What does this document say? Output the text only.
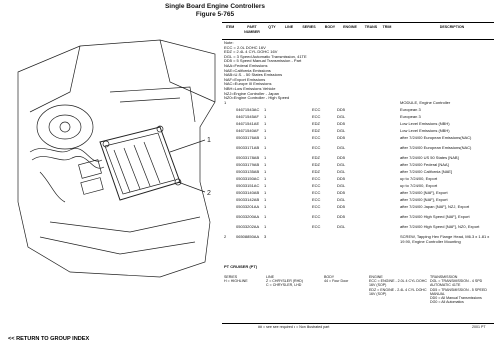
Single Board Engine Controllers
Figure 5-765
1
2
ITEM	PART NUMBER
QTY	LINE	SERIES	BODY	ENGINE	TRANS	TRIM	DESCRIPTION
Note:
ECC = 2.0L DOHC 16V
EDZ = 2.4L 4 CYL DOHC 16V
DGL = 3 Speed Automatic Transmission, 41TE
DD5 = 5 Speed Manual Transmission - Part
NAA=Federal Emissions
NAE=California Emissions
NAB=U.S. - 50 States Emissions
NAF=Export Emissions
NAC=Europe III Emissions
NBH=Low Emissions Vehicle
NZJ=Engine Controller - Japan
NZ0=Engine Controller - High Speed
1	MODULE, Engine Controller
04671543AC 1	ECC	DD5	European 3
04671545AF 1	ECC	DGL	European 3
04671541AE 1	EDZ	DD5	Low Level Emissions (NBH)
04671540AF 1	EDZ	DGL	Low Level Emissions (NBH)
05033176AB 1	ECC	DD5	after 7/24/00 European Emissions(NAC)
05033171AB 1	ECC	DGL	after 7/24/00 European Emissions(NAC)
05033178AB 1	EDZ	DD5	after 7/24/00 US 50 States [NAB]
05033179AB 1	EDZ	DGL	after 7/24/00 Federal [NAA]
05033135AB 1	EDZ	DGL	after 7/24/00 California [NAE]
05033150AC 1	ECC	DD5	up to 7/24/00, Export
05033151AC 1	ECC	DGL	up to 7/24/00, Export
05033140AB 1	ECC	DD5	after 7/24/00 [NAF], Export
05033142AB 1	ECC	DGL	after 7/24/00 [NAF], Export
05033201AA 1	ECC	DD5	after 7/24/00 Japan [NAF], NZJ, Export
05033200AA 1	ECC	DD5	after 7/24/00 High Speed [NAF], Export
05033202AA 1	ECC	DGL	after 7/24/00 High Speed [NAF], NZ0, Export
2 06508850AA 3	SCREW, Tapping Hex Flange Head, M6.3 x 1.81 x 19.90, Engine Controller Mounting
PT CRUISER (PT)
SERIES
H = HIGHLINE
LINE
Z = CHRYSLER (RHD)
C = CHRYSLER, LHD
BODY
44 = Four Door
ENGINE
ECC = ENGINE - 2.0L 4 CYL DOHC 16V (SOP)
EDZ = ENGINE - 2.4L 4 CYL DOHC 16V (SOP)
TRANSMISSION
DGL = TRANSMISSION - 4 SPD AUTOMATIC 41TE
DD5 = TRANSMISSION - 5 SPEED MANUAL
DD0 = All Manual Transmissions
DG0 = All Automatics
## = see see required • = Non illustrated part	2001 PT
<< RETURN TO GROUP INDEX
